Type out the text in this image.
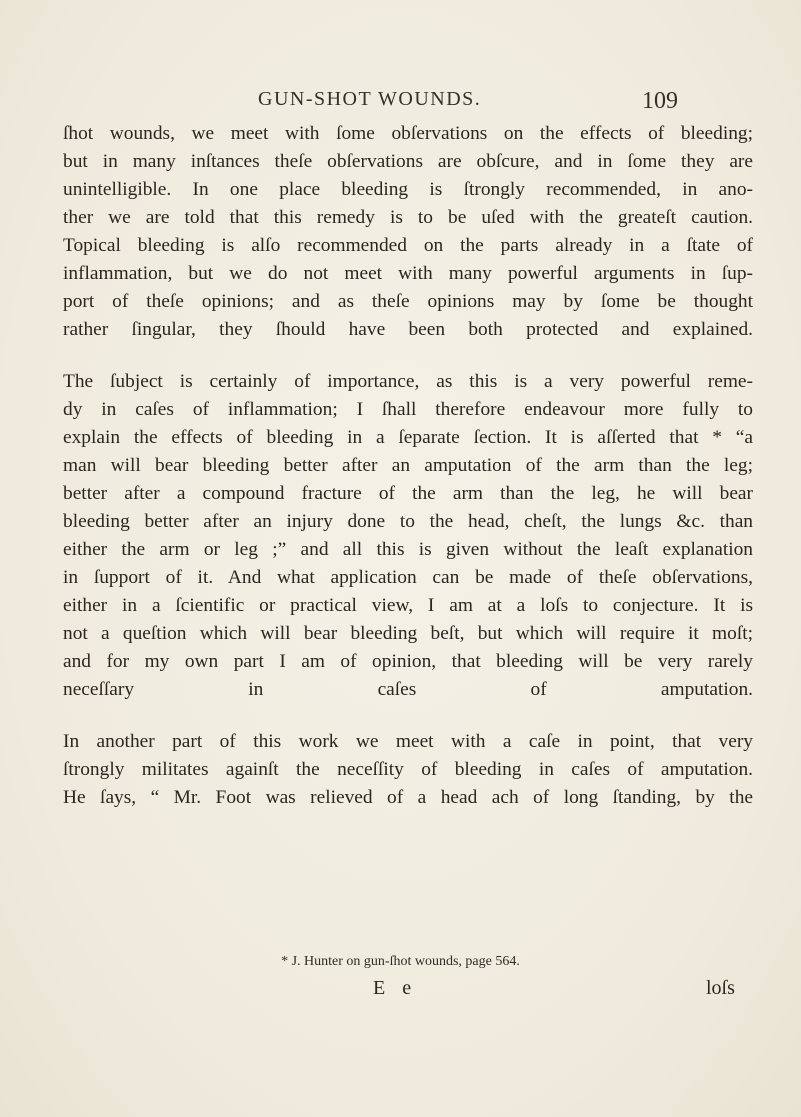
GUN-SHOT WOUNDS.	109
ſhot wounds, we meet with ſome obſervations on the effects of bleeding;
but in many inſtances theſe obſervations are obſcure, and in ſome they are
unintelligible. In one place bleeding is ſtrongly recommended, in ano-
ther we are told that this remedy is to be uſed with the greateſt caution.
Topical bleeding is alſo recommended on the parts already in a ſtate of
inflammation, but we do not meet with many powerful arguments in ſup-
port of theſe opinions; and as theſe opinions may by ſome be thought
rather ſingular, they ſhould have been both protected and explained.
The ſubject is certainly of importance, as this is a very powerful reme-
dy in caſes of inflammation; I ſhall therefore endeavour more fully to
explain the effects of bleeding in a ſeparate ſection. It is aſſerted that * “a
man will bear bleeding better after an amputation of the arm than the leg;
better after a compound fracture of the arm than the leg, he will bear
bleeding better after an injury done to the head, cheſt, the lungs &c. than
either the arm or leg ;” and all this is given without the leaſt explanation
in ſupport of it. And what application can be made of theſe obſervations,
either in a ſcientific or practical view, I am at a loſs to conjecture. It is
not a queſtion which will bear bleeding beſt, but which will require it moſt;
and for my own part I am of opinion, that bleeding will be very rarely
neceſſary in caſes of amputation.
In another part of this work we meet with a caſe in point, that very
ſtrongly militates againſt the neceſſity of bleeding in caſes of amputation.
He ſays, “ Mr. Foot was relieved of a head ach of long ſtanding, by the
* J. Hunter on gun-ſhot wounds, page 564.
E e	loſs
